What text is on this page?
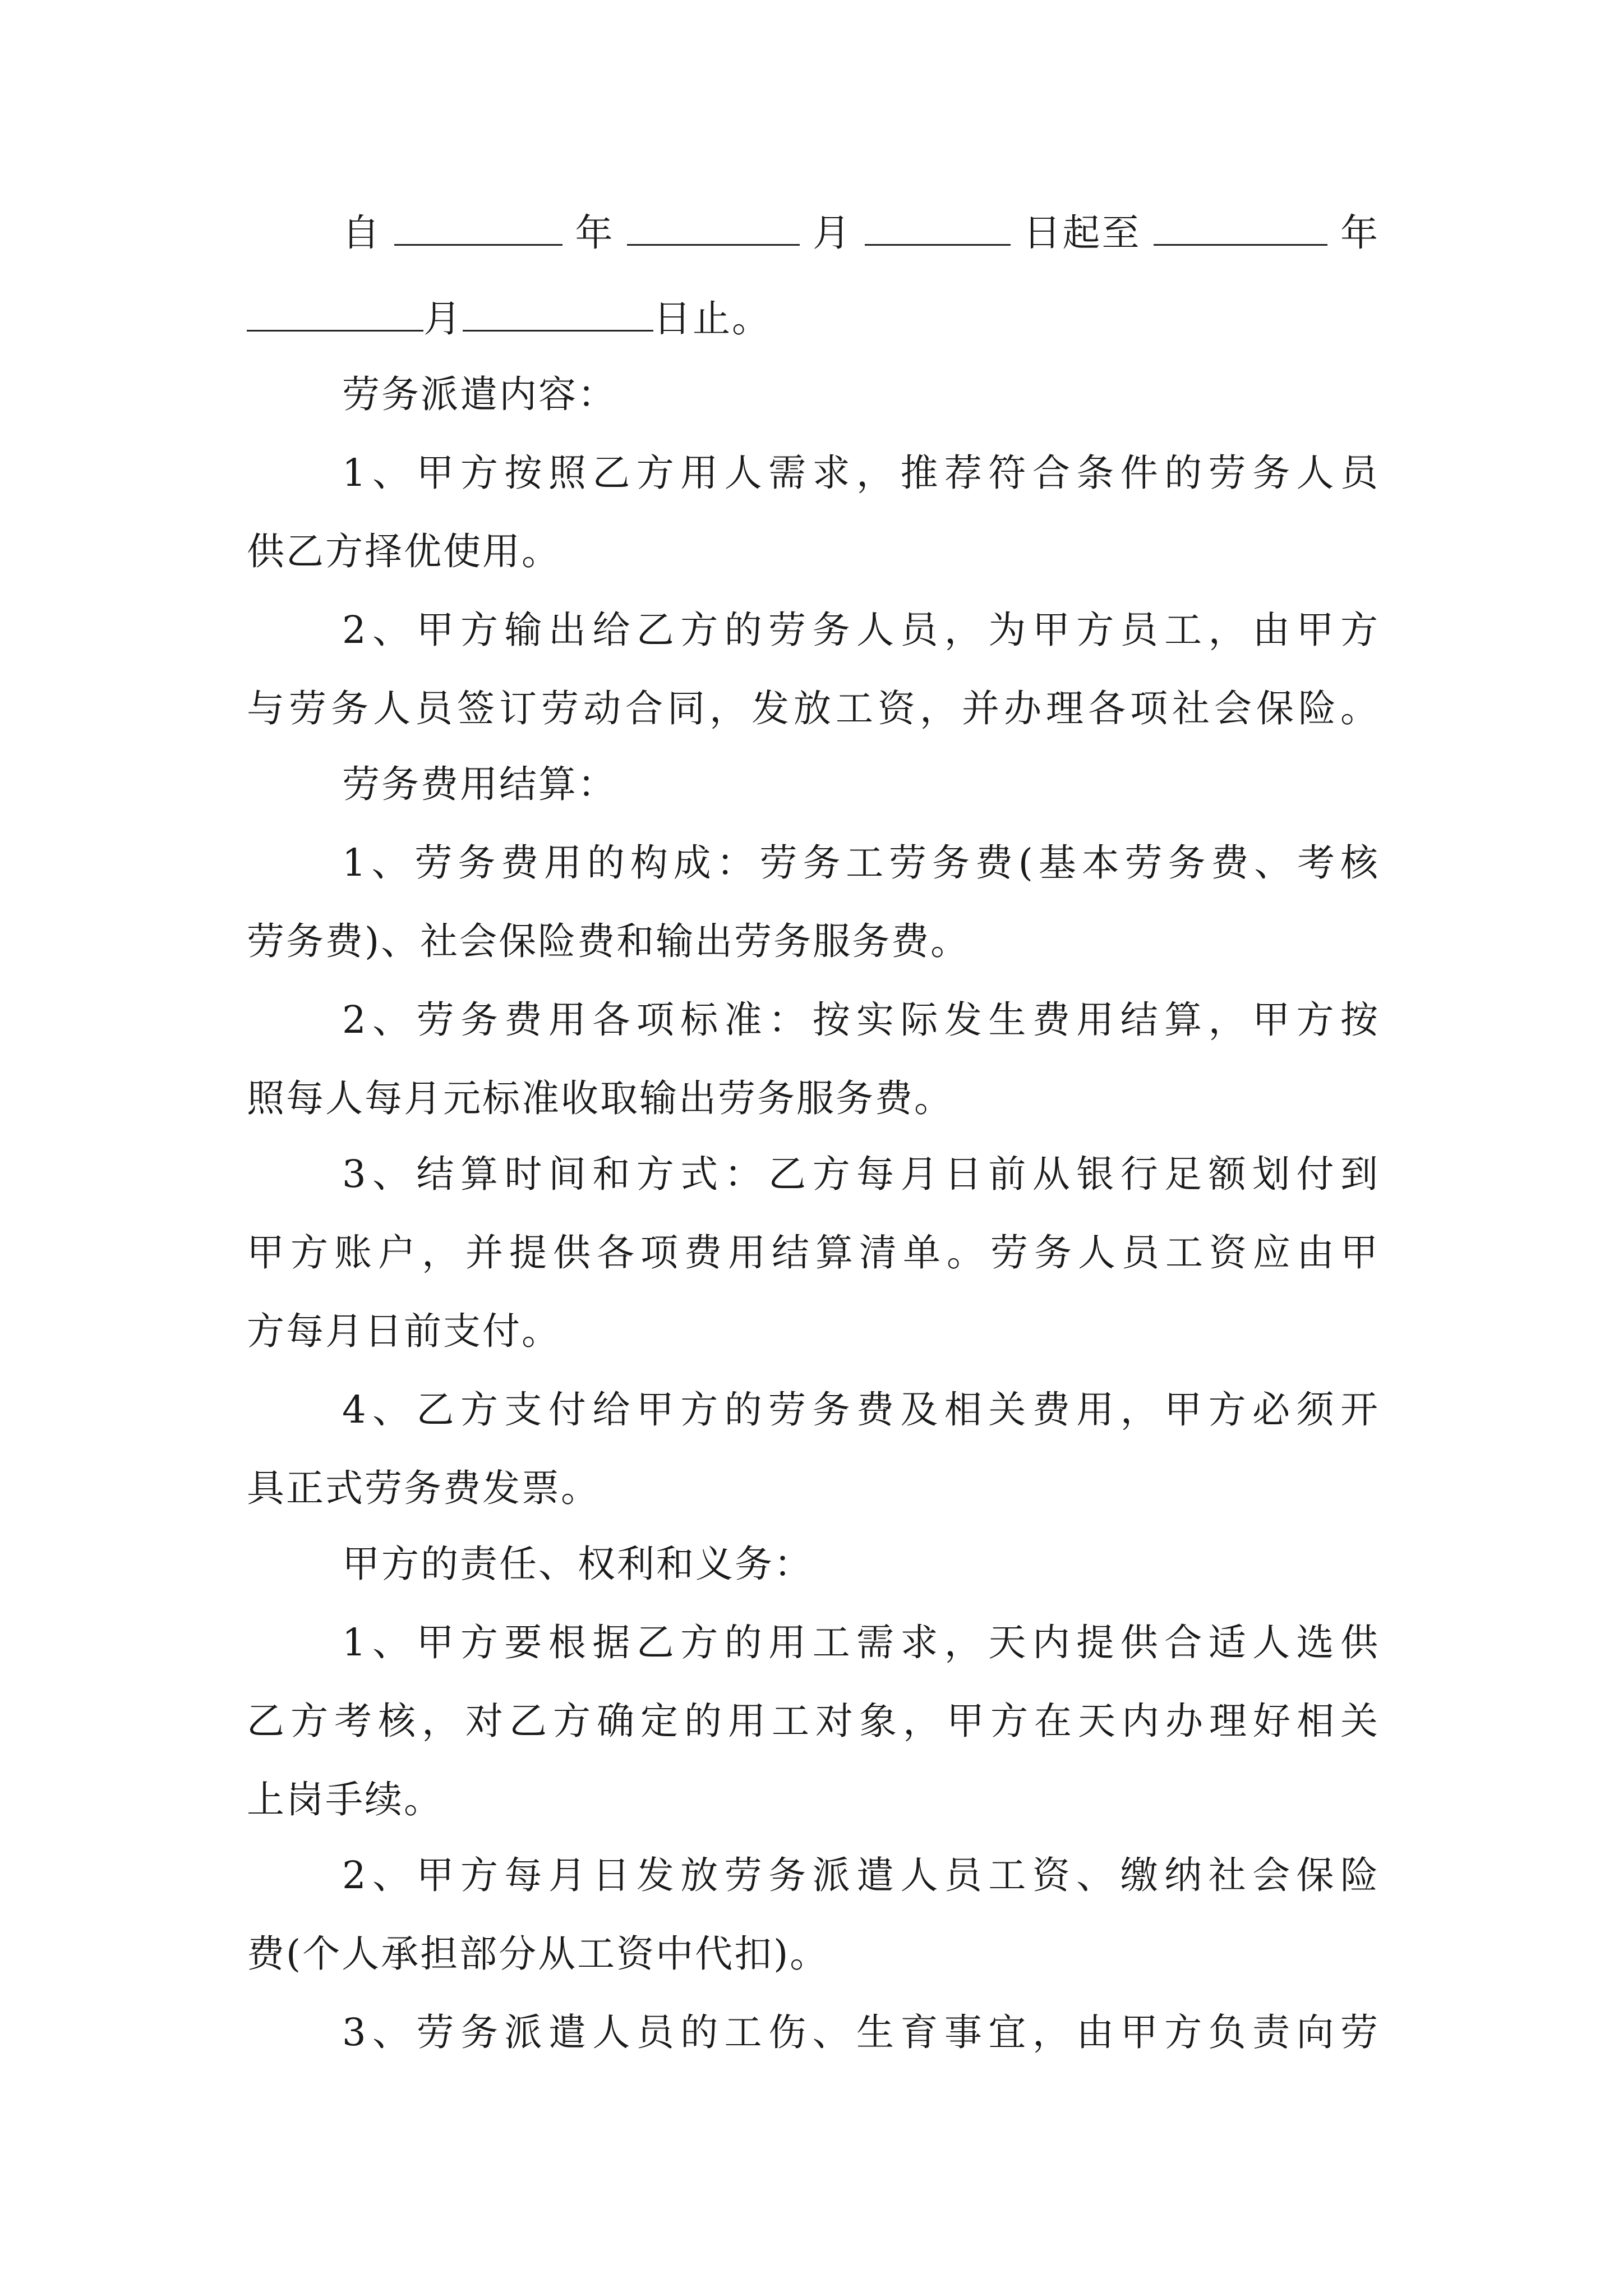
自	年	月	日起至	年
月	日止。
劳务派遣内容：
1、甲方按照乙方用人需求，推荐符合条件的劳务人员
供乙方择优使用。
2、甲方输出给乙方的劳务人员，为甲方员工，由甲方
与劳务人员签订劳动合同，发放工资，并办理各项社会保险。
劳务费用结算：
1、劳务费用的构成：劳务工劳务费(基本劳务费、考核
劳务费)、社会保险费和输出劳务服务费。
2、劳务费用各项标准：按实际发生费用结算，甲方按
照每人每月元标准收取输出劳务服务费。
3、结算时间和方式：乙方每月日前从银行足额划付到
甲方账户，并提供各项费用结算清单。劳务人员工资应由甲
方每月日前支付。
4、乙方支付给甲方的劳务费及相关费用，甲方必须开
具正式劳务费发票。
甲方的责任、权利和义务：
1、甲方要根据乙方的用工需求，天内提供合适人选供
乙方考核，对乙方确定的用工对象，甲方在天内办理好相关
上岗手续。
2、甲方每月日发放劳务派遣人员工资、缴纳社会保险
费(个人承担部分从工资中代扣)。
3、劳务派遣人员的工伤、生育事宜，由甲方负责向劳
